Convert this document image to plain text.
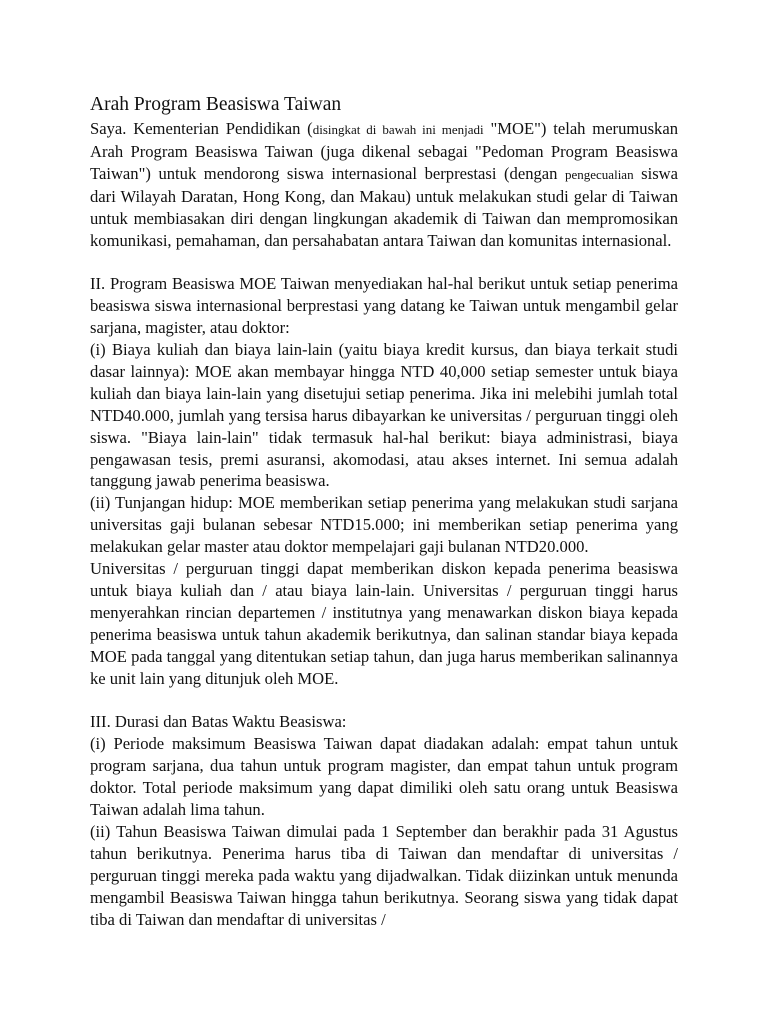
Arah Program Beasiswa Taiwan

Saya. Kementerian Pendidikan (disingkat di bawah ini menjadi "MOE") telah merumuskan Arah Program Beasiswa Taiwan (juga dikenal sebagai "Pedoman Program Beasiswa Taiwan") untuk mendorong siswa internasional berprestasi (dengan pengecualian siswa dari Wilayah Daratan, Hong Kong, dan Makau) untuk melakukan studi gelar di Taiwan untuk membiasakan diri dengan lingkungan akademik di Taiwan dan mempromosikan komunikasi, pemahaman, dan persahabatan antara Taiwan dan komunitas internasional.

II. Program Beasiswa MOE Taiwan menyediakan hal-hal berikut untuk setiap penerima beasiswa siswa internasional berprestasi yang datang ke Taiwan untuk mengambil gelar sarjana, magister, atau doktor:

(i) Biaya kuliah dan biaya lain-lain (yaitu biaya kredit kursus, dan biaya terkait studi dasar lainnya): MOE akan membayar hingga NTD 40,000 setiap semester untuk biaya kuliah dan biaya lain-lain yang disetujui setiap penerima. Jika ini melebihi jumlah total NTD40.000, jumlah yang tersisa harus dibayarkan ke universitas / perguruan tinggi oleh siswa. "Biaya lain-lain" tidak termasuk hal-hal berikut: biaya administrasi, biaya pengawasan tesis, premi asuransi, akomodasi, atau akses internet. Ini semua adalah tanggung jawab penerima beasiswa.

(ii) Tunjangan hidup: MOE memberikan setiap penerima yang melakukan studi sarjana universitas gaji bulanan sebesar NTD15.000; ini memberikan setiap penerima yang melakukan gelar master atau doktor mempelajari gaji bulanan NTD20.000.

Universitas / perguruan tinggi dapat memberikan diskon kepada penerima beasiswa untuk biaya kuliah dan / atau biaya lain-lain. Universitas / perguruan tinggi harus menyerahkan rincian departemen / institutnya yang menawarkan diskon biaya kepada penerima beasiswa untuk tahun akademik berikutnya, dan salinan standar biaya kepada MOE pada tanggal yang ditentukan setiap tahun, dan juga harus memberikan salinannya ke unit lain yang ditunjuk oleh MOE.

III. Durasi dan Batas Waktu Beasiswa:

(i) Periode maksimum Beasiswa Taiwan dapat diadakan adalah: empat tahun untuk program sarjana, dua tahun untuk program magister, dan empat tahun untuk program doktor. Total periode maksimum yang dapat dimiliki oleh satu orang untuk Beasiswa Taiwan adalah lima tahun.

(ii) Tahun Beasiswa Taiwan dimulai pada 1 September dan berakhir pada 31 Agustus tahun berikutnya. Penerima harus tiba di Taiwan dan mendaftar di universitas / perguruan tinggi mereka pada waktu yang dijadwalkan. Tidak diizinkan untuk menunda mengambil Beasiswa Taiwan hingga tahun berikutnya. Seorang siswa yang tidak dapat tiba di Taiwan dan mendaftar di universitas /
